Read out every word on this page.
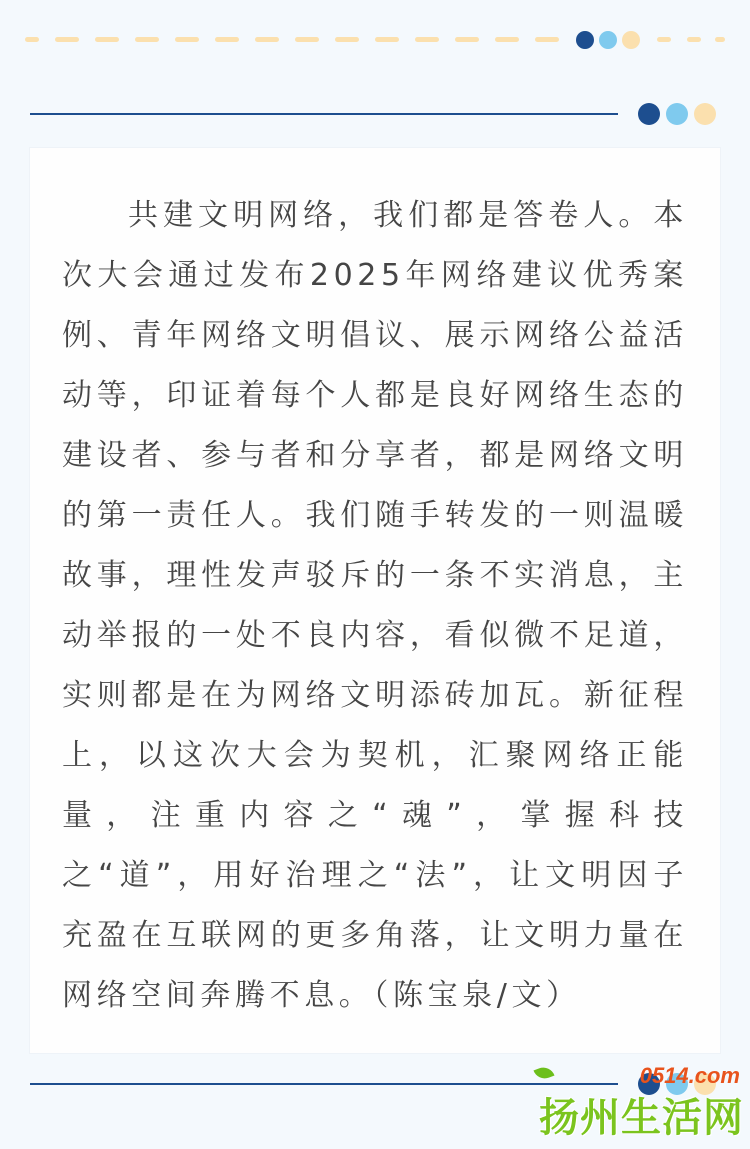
共建文明网络，我们都是答卷人。本次大会通过发布2025年网络建议优秀案例、青年网络文明倡议、展示网络公益活动等，印证着每个人都是良好网络生态的建设者、参与者和分享者，都是网络文明的第一责任人。我们随手转发的一则温暖故事，理性发声驳斥的一条不实消息，主动举报的一处不良内容，看似微不足道，实则都是在为网络文明添砖加瓦。新征程上，以这次大会为契机，汇聚网络正能量，注重内容之“魂”，掌握科技之“道”，用好治理之“法”，让文明因子充盈在互联网的更多角落，让文明力量在网络空间奔腾不息。（陈宝泉/文）

0514.com
扬州生活网
